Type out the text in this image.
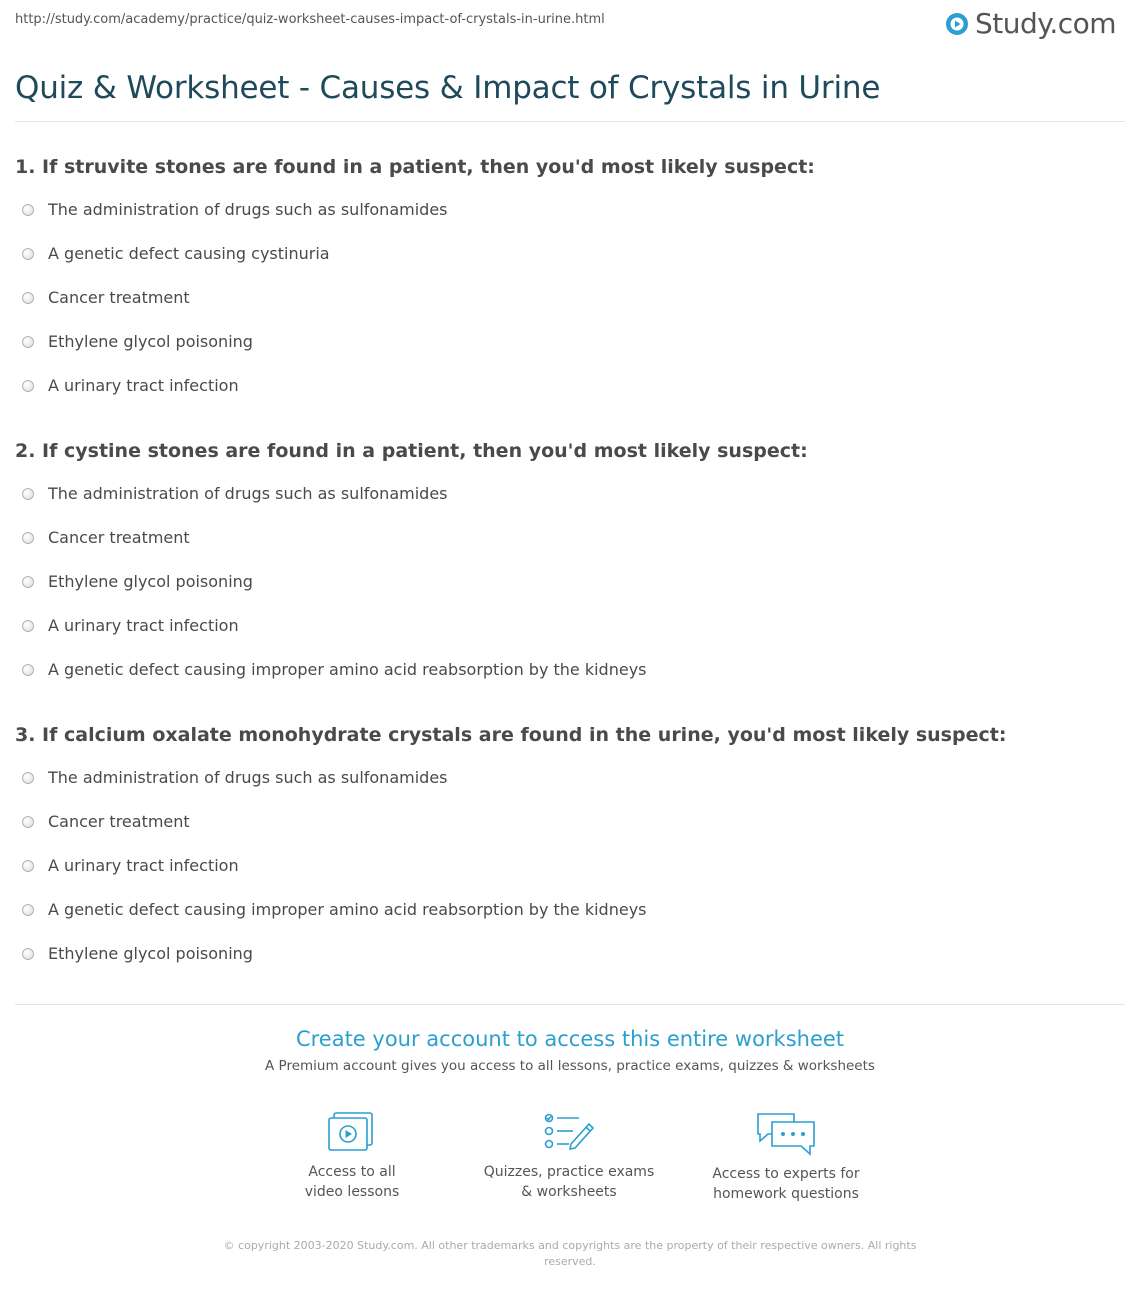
http://study.com/academy/practice/quiz-worksheet-causes-impact-of-crystals-in-urine.html	Study.com
Quiz & Worksheet - Causes & Impact of Crystals in Urine
1. If struvite stones are found in a patient, then you'd most likely suspect:
The administration of drugs such as sulfonamides
A genetic defect causing cystinuria
Cancer treatment
Ethylene glycol poisoning
A urinary tract infection
2. If cystine stones are found in a patient, then you'd most likely suspect:
The administration of drugs such as sulfonamides
Cancer treatment
Ethylene glycol poisoning
A urinary tract infection
A genetic defect causing improper amino acid reabsorption by the kidneys
3. If calcium oxalate monohydrate crystals are found in the urine, you'd most likely suspect:
The administration of drugs such as sulfonamides
Cancer treatment
A urinary tract infection
A genetic defect causing improper amino acid reabsorption by the kidneys
Ethylene glycol poisoning
Create your account to access this entire worksheet
A Premium account gives you access to all lessons, practice exams, quizzes & worksheets
Access to all
video lessons
Quizzes, practice exams
& worksheets
Access to experts for
homework questions
© copyright 2003-2020 Study.com. All other trademarks and copyrights are the property of their respective owners. All rights
reserved.
